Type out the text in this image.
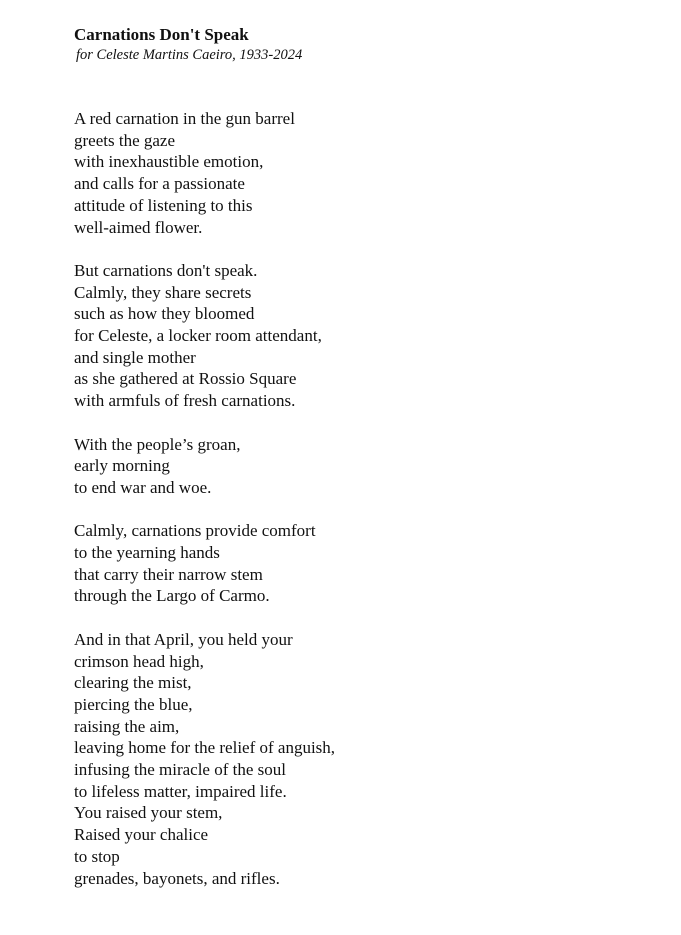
Carnations Don't Speak
for Celeste Martins Caeiro, 1933-2024
A red carnation in the gun barrel
greets the gaze
with inexhaustible emotion,
and calls for a passionate
attitude of listening to this
well-aimed flower.
But carnations don't speak.
Calmly, they share secrets
such as how they bloomed
for Celeste, a locker room attendant,
and single mother
as she gathered at Rossio Square
with armfuls of fresh carnations.
With the people’s groan,
early morning
to end war and woe.
Calmly, carnations provide comfort
to the yearning hands
that carry their narrow stem
through the Largo of Carmo.
And in that April, you held your
crimson head high,
clearing the mist,
piercing the blue,
raising the aim,
leaving home for the relief of anguish,
infusing the miracle of the soul
to lifeless matter, impaired life.
You raised your stem,
Raised your chalice
to stop
grenades, bayonets, and rifles.
